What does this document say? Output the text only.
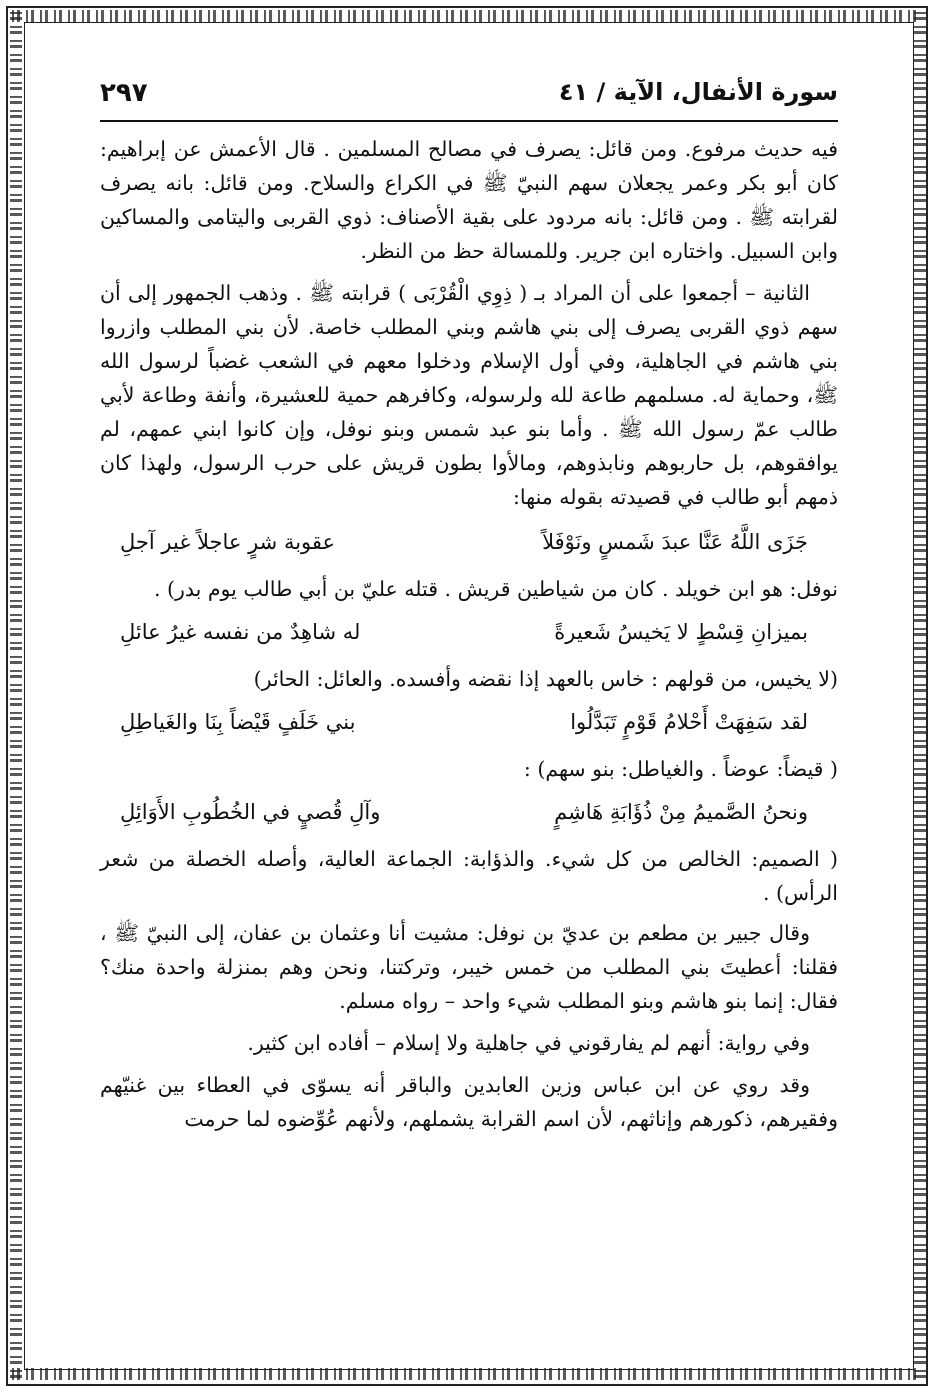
سورة الأنفال، الآية / ٤١
٢٩٧

فيه حديث مرفوع. ومن قائل: يصرف في مصالح المسلمين . قال الأعمش عن إبراهيم: كان أبو بكر وعمر يجعلان سهم النبيّ ﷺ في الكراع والسلاح. ومن قائل: بانه يصرف لقرابته ﷺ . ومن قائل: بانه مردود على بقية الأصناف: ذوي القربى واليتامى والمساكين وابن السبيل. واختاره ابن جرير. وللمسالة حظ من النظر.

الثانية – أجمعوا على أن المراد بـ ( ذِوِي الْقُرْبَى ) قرابته ﷺ . وذهب الجمهور إلى أن سهم ذوي القربى يصرف إلى بني هاشم وبني المطلب خاصة. لأن بني المطلب وازروا بني هاشم في الجاهلية، وفي أول الإسلام ودخلوا معهم في الشعب غضباً لرسول الله ﷺ، وحماية له. مسلمهم طاعة لله ولرسوله، وكافرهم حمية للعشيرة، وأنفة وطاعة لأبي طالب عمّ رسول الله ﷺ . وأما بنو عبد شمس وبنو نوفل، وإن كانوا ابني عمهم، لم يوافقوهم، بل حاربوهم ونابذوهم، ومالأوا بطون قريش على حرب الرسول، ولهذا كان ذمهم أبو طالب في قصيدته بقوله منها:

جَزَى اللَّهُ عَنَّا عبدَ شَمسٍ ونَوْفَلاً
عقوبة شرٍ عاجلاً غير آجلِ

نوفل: هو ابن خويلد . كان من شياطين قريش . قتله عليّ بن أبي طالب يوم بدر) .

بميزانِ قِسْطٍ لا يَخيسُ شَعيرةً
له شاهِدٌ من نفسه غيرُ عائلِ

(لا يخيس، من قولهم : خاس بالعهد إذا نقضه وأفسده. والعائل: الحائر)

لقد سَفِهَتْ أَحْلامُ قَوْمٍ تَبَدَّلُوا
بني خَلَفٍ قَيْضاً بِنَا والغَياطِلِ

( قيضاً: عوضاً . والغياطل: بنو سهم) :

ونحنُ الصَّميمُ مِنْ ذُؤَابَةِ هَاشِمٍ
وآلِ قُصيٍ في الخُطُوبِ الأَوَائِلِ

( الصميم: الخالص من كل شيء. والذؤابة: الجماعة العالية، وأصله الخصلة من شعر الرأس) .

وقال جبير بن مطعم بن عديّ بن نوفل: مشيت أنا وعثمان بن عفان، إلى النبيّ ﷺ ، فقلنا: أعطيتَ بني المطلب من خمس خيبر، وتركتنا، ونحن وهم بمنزلة واحدة منك؟ فقال: إنما بنو هاشم وبنو المطلب شيء واحد – رواه مسلم.

وفي رواية: أنهم لم يفارقوني في جاهلية ولا إسلام – أفاده ابن كثير.

وقد روي عن ابن عباس وزين العابدين والباقر أنه يسوّى في العطاء بين غنيّهم وفقيرهم، ذكورهم وإناثهم، لأن اسم القرابة يشملهم، ولأنهم عُوِّضوه لما حرمت
